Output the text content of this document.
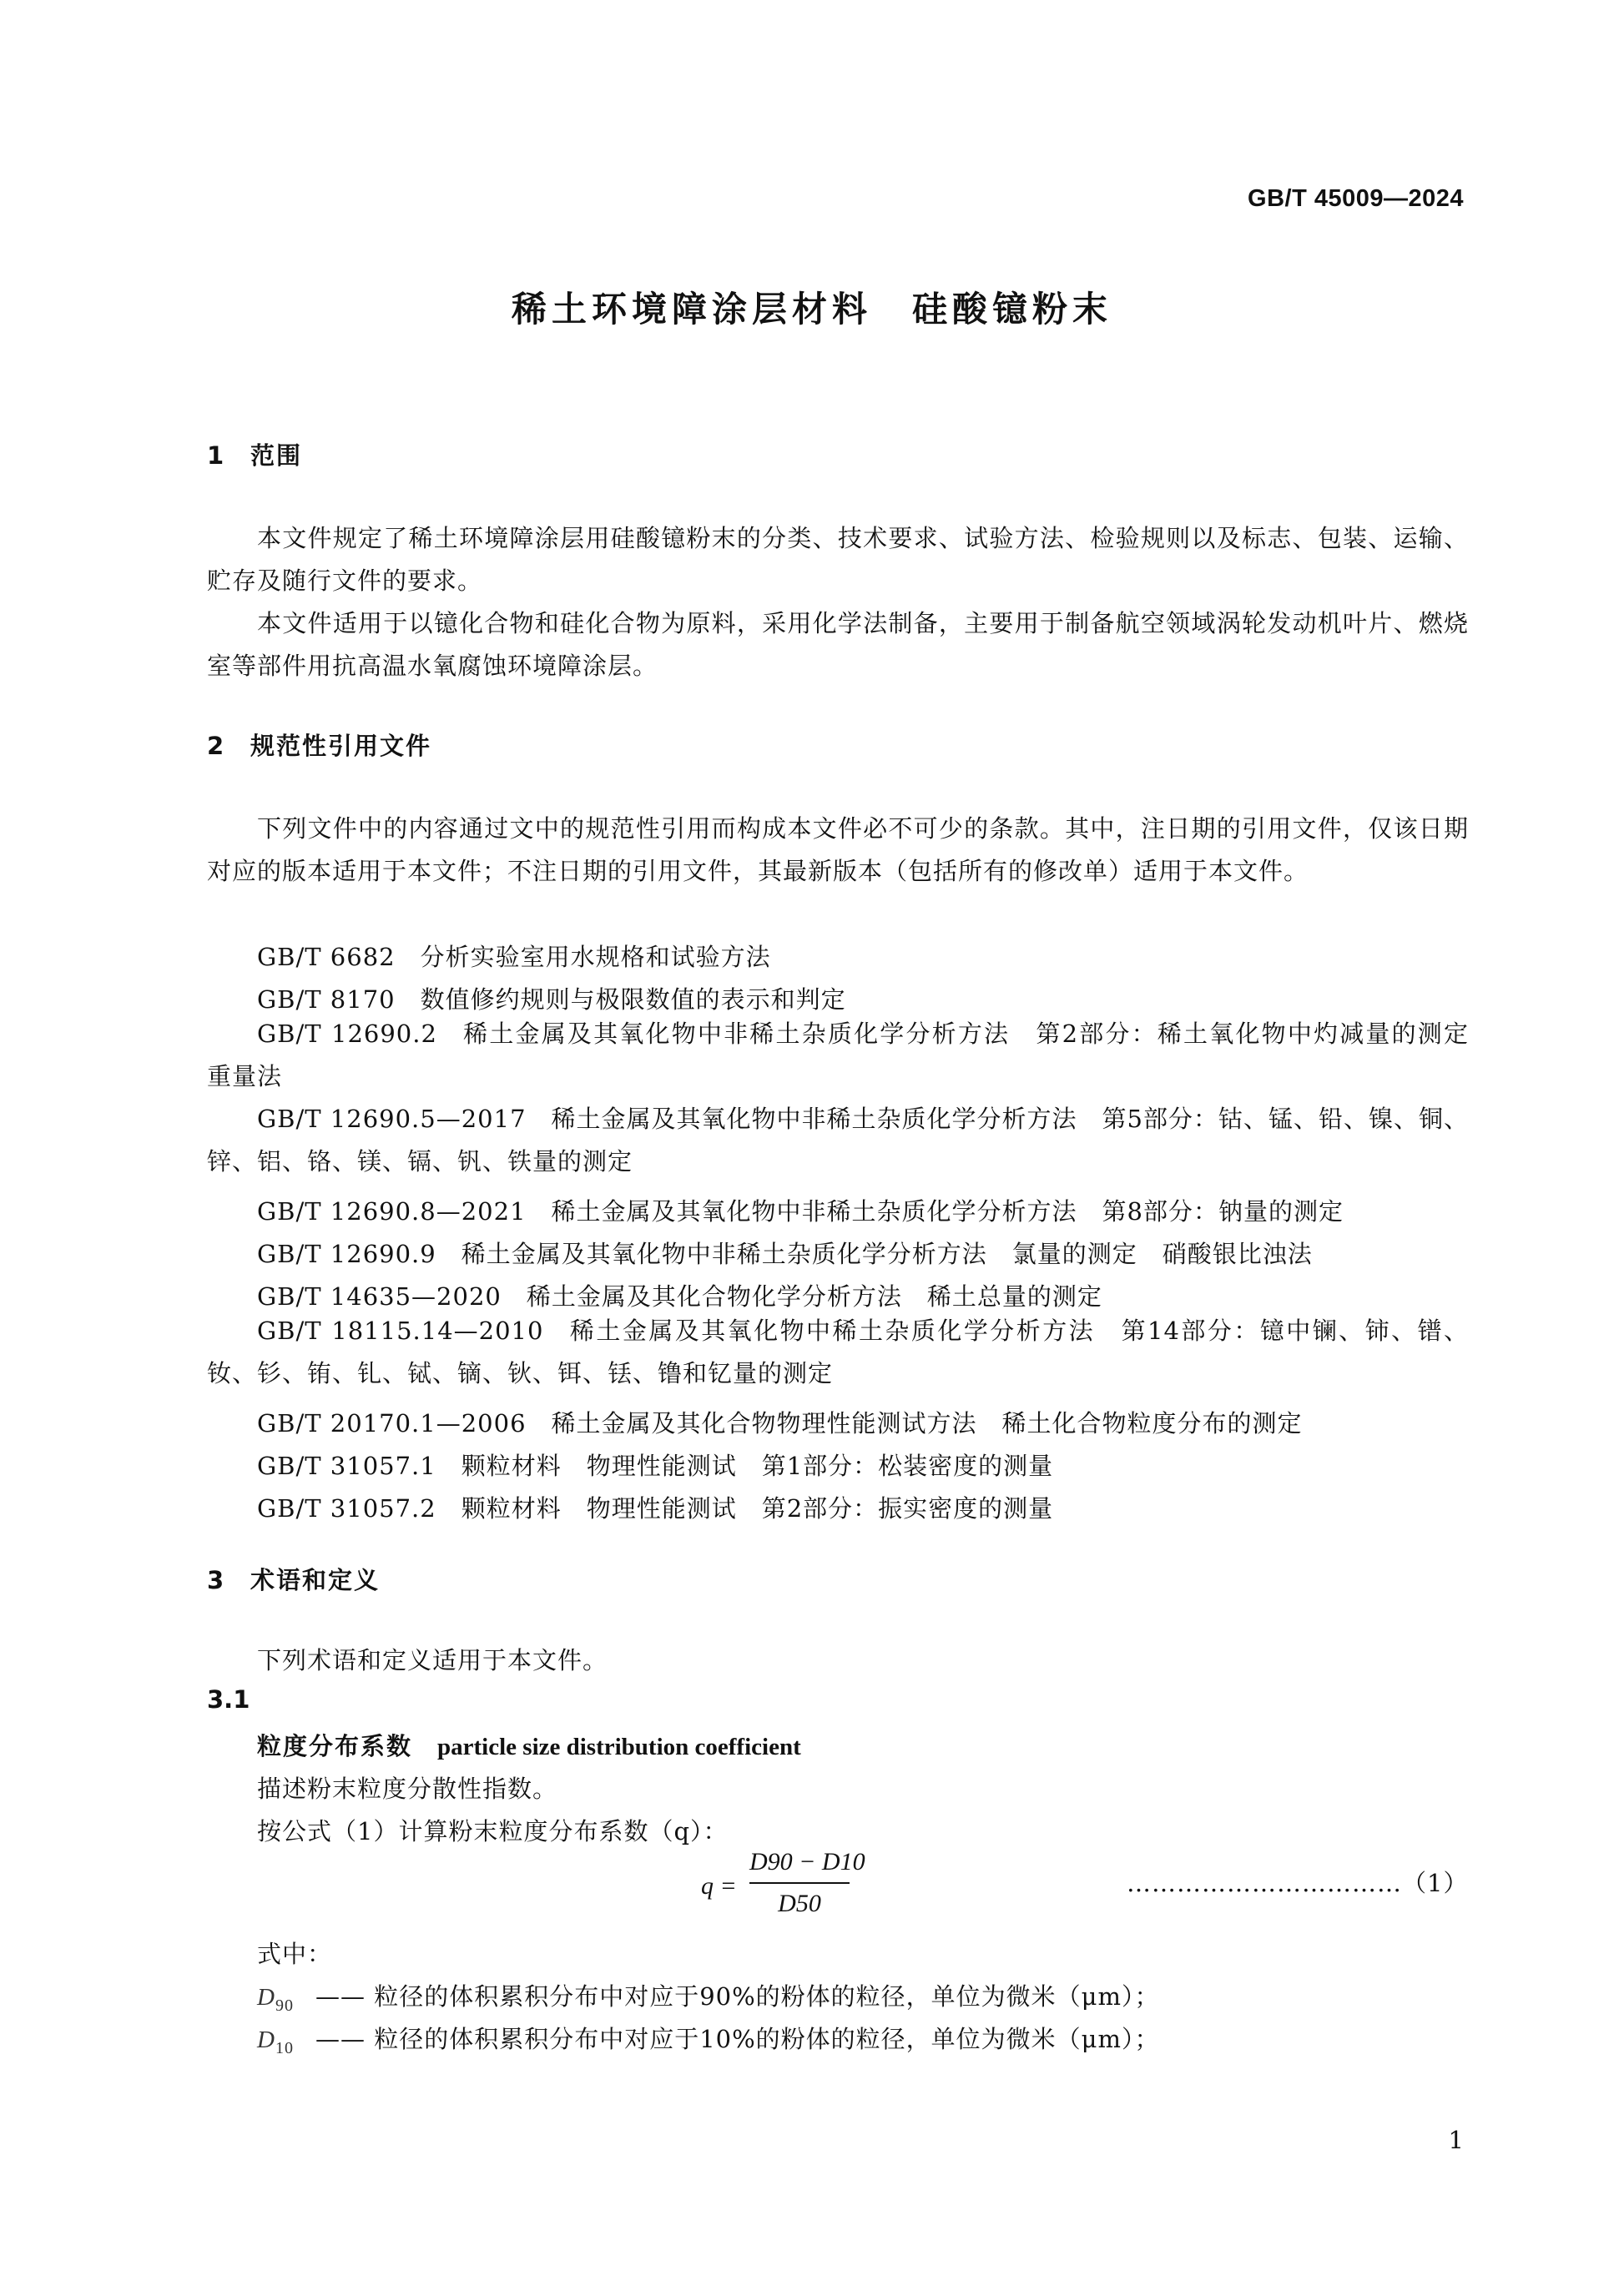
GB/T 45009—2024
稀土环境障涂层材料　硅酸镱粉末
1 范围

本文件规定了稀土环境障涂层用硅酸镱粉末的分类、技术要求、试验方法、检验规则以及标志、包装、运输、贮存及随行文件的要求。

本文件适用于以镱化合物和硅化合物为原料，采用化学法制备，主要用于制备航空领域涡轮发动机叶片、燃烧室等部件用抗高温水氧腐蚀环境障涂层。

2 规范性引用文件

下列文件中的内容通过文中的规范性引用而构成本文件必不可少的条款。其中，注日期的引用文件，仅该日期对应的版本适用于本文件；不注日期的引用文件，其最新版本（包括所有的修改单）适用于本文件。

GB/T 6682 分析实验室用水规格和试验方法
GB/T 8170 数值修约规则与极限数值的表示和判定

GB/T 12690.2 稀土金属及其氧化物中非稀土杂质化学分析方法　第2部分：稀土氧化物中灼减量的测定　重量法

GB/T 12690.5—2017 稀土金属及其氧化物中非稀土杂质化学分析方法　第5部分：钴、锰、铅、镍、铜、锌、铝、铬、镁、镉、钒、铁量的测定

GB/T 12690.8—2021 稀土金属及其氧化物中非稀土杂质化学分析方法　第8部分：钠量的测定
GB/T 12690.9 稀土金属及其氧化物中非稀土杂质化学分析方法　氯量的测定　硝酸银比浊法
GB/T 14635—2020 稀土金属及其化合物化学分析方法　稀土总量的测定

GB/T 18115.14—2010 稀土金属及其氧化物中稀土杂质化学分析方法　第14部分：镱中镧、铈、镨、钕、钐、铕、钆、铽、镝、钬、铒、铥、镥和钇量的测定

GB/T 20170.1—2006 稀土金属及其化合物物理性能测试方法　稀土化合物粒度分布的测定
GB/T 31057.1 颗粒材料　物理性能测试　第1部分：松装密度的测量
GB/T 31057.2 颗粒材料　物理性能测试　第2部分：振实密度的测量
3 术语和定义
下列术语和定义适用于本文件。
3.1
粒度分布系数 particle size distribution coefficient
描述粉末粒度分散性指数。
按公式（1）计算粉末粒度分布系数（q）：
q =
D90 − D10
D50
……………………………（1）
式中：
$D_{90}$ —— 粒径的体积累积分布中对应于90%的粉体的粒径，单位为微米（μm）；
$D_{10}$ —— 粒径的体积累积分布中对应于10%的粉体的粒径，单位为微米（μm）；
1
